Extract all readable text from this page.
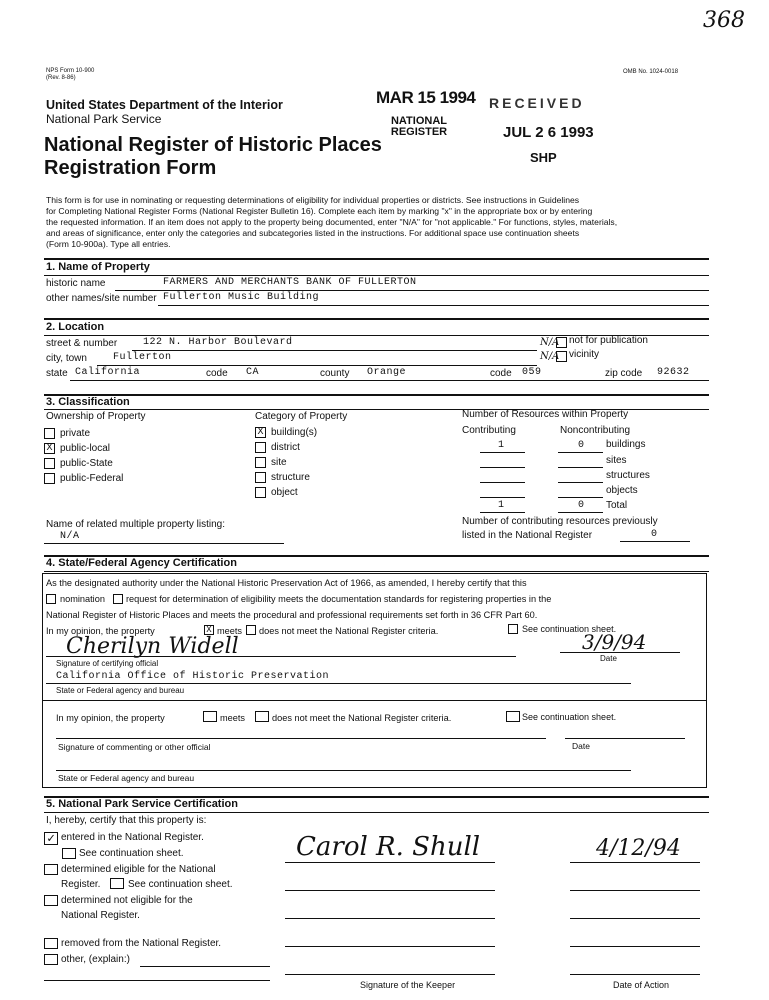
368
NPS Form 10-900
(Rev. 8-86)
OMB No. 1024-0018
MAR 15 1994 RECEIVED
NATIONAL REGISTER	JUL 2 6 1993
SHP
United States Department of the Interior
National Park Service
National Register of Historic Places
Registration Form
This form is for use in nominating or requesting determinations of eligibility for individual properties or districts. See instructions in Guidelines
for Completing National Register Forms (National Register Bulletin 16). Complete each item by marking "x" in the appropriate box or by entering
the requested information. If an item does not apply to the property being documented, enter "N/A" for "not applicable." For functions, styles, materials,
and areas of significance, enter only the categories and subcategories listed in the instructions. For additional space use continuation sheets
(Form 10-900a). Type all entries.
1. Name of Property
historic name	FARMERS AND MERCHANTS BANK OF FULLERTON
other names/site number Fullerton Music Building
2. Location
street & number	122 N. Harbor Boulevard	N/A not for publication
city, town	Fullerton	N/A vicinity
state California	code CA	county Orange	code 059	zip code 92632
3. Classification
Ownership of Property	Category of Property	Number of Resources within Property
private
X public-local
public-State
public-Federal
X building(s)
district
site
structure
object
Contributing	Noncontributing
1	0 buildings
sites
structures
objects
1	0 Total
Name of related multiple property listing:
N/A
Number of contributing resources previously
listed in the National Register	0
4. State/Federal Agency Certification
As the designated authority under the National Historic Preservation Act of 1966, as amended, I hereby certify that this
nomination request for determination of eligibility meets the documentation standards for registering properties in the
National Register of Historic Places and meets the procedural and professional requirements set forth in 36 CFR Part 60.
In my opinion, the property	X meets does not meet the National Register criteria.	See continuation sheet.
Cherilyn Widell
Signature of certifying official
3/9/94
Date
California Office of Historic Preservation
State or Federal agency and bureau
In my opinion, the property	meets	does not meet the National Register criteria.	See continuation sheet.
Signature of commenting or other official	Date
State or Federal agency and bureau
5. National Park Service Certification
I, hereby, certify that this property is:
✓ entered in the National Register.
See continuation sheet.
determined eligible for the National
Register.	See continuation sheet.
determined not eligible for the
National Register.
removed from the National Register.
other, (explain:)
Carol R. Shull	4/12/94
Signature of the Keeper	Date of Action
